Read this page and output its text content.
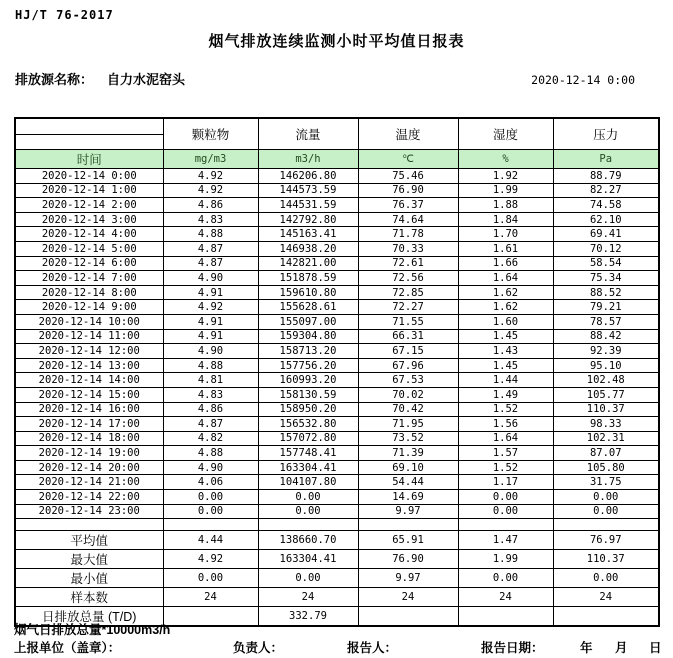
HJ/T 76-2017
烟气排放连续监测小时平均值日报表
排放源名称： 自力水泥窑头	2020-12-14 0:00
	颗粒物	流量	温度	湿度	压力
时间	mg/m3	m3/h	℃	%	Pa
2020-12-14 0:00	4.92	146206.80	75.46	1.92	88.79
2020-12-14 1:00	4.92	144573.59	76.90	1.99	82.27
2020-12-14 2:00	4.86	144531.59	76.37	1.88	74.58
2020-12-14 3:00	4.83	142792.80	74.64	1.84	62.10
2020-12-14 4:00	4.88	145163.41	71.78	1.70	69.41
2020-12-14 5:00	4.87	146938.20	70.33	1.61	70.12
2020-12-14 6:00	4.87	142821.00	72.61	1.66	58.54
2020-12-14 7:00	4.90	151878.59	72.56	1.64	75.34
2020-12-14 8:00	4.91	159610.80	72.85	1.62	88.52
2020-12-14 9:00	4.92	155628.61	72.27	1.62	79.21
2020-12-14 10:00	4.91	155097.00	71.55	1.60	78.57
2020-12-14 11:00	4.91	159304.80	66.31	1.45	88.42
2020-12-14 12:00	4.90	158713.20	67.15	1.43	92.39
2020-12-14 13:00	4.88	157756.20	67.96	1.45	95.10
2020-12-14 14:00	4.81	160993.20	67.53	1.44	102.48
2020-12-14 15:00	4.83	158130.59	70.02	1.49	105.77
2020-12-14 16:00	4.86	158950.20	70.42	1.52	110.37
2020-12-14 17:00	4.87	156532.80	71.95	1.56	98.33
2020-12-14 18:00	4.82	157072.80	73.52	1.64	102.31
2020-12-14 19:00	4.88	157748.41	71.39	1.57	87.07
2020-12-14 20:00	4.90	163304.41	69.10	1.52	105.80
2020-12-14 21:00	4.06	104107.80	54.44	1.17	31.75
2020-12-14 22:00	0.00	0.00	14.69	0.00	0.00
2020-12-14 23:00	0.00	0.00	9.97	0.00	0.00

平均值	4.44	138660.70	65.91	1.47	76.97
最大值	4.92	163304.41	76.90	1.99	110.37
最小值	0.00	0.00	9.97	0.00	0.00
样本数	24	24	24	24	24
日排放总量 (T/D)		332.79			
烟气日排放总量*10000m3/h
上报单位（盖章）：	负责人：	报告人：	报告日期：	年 月 日
